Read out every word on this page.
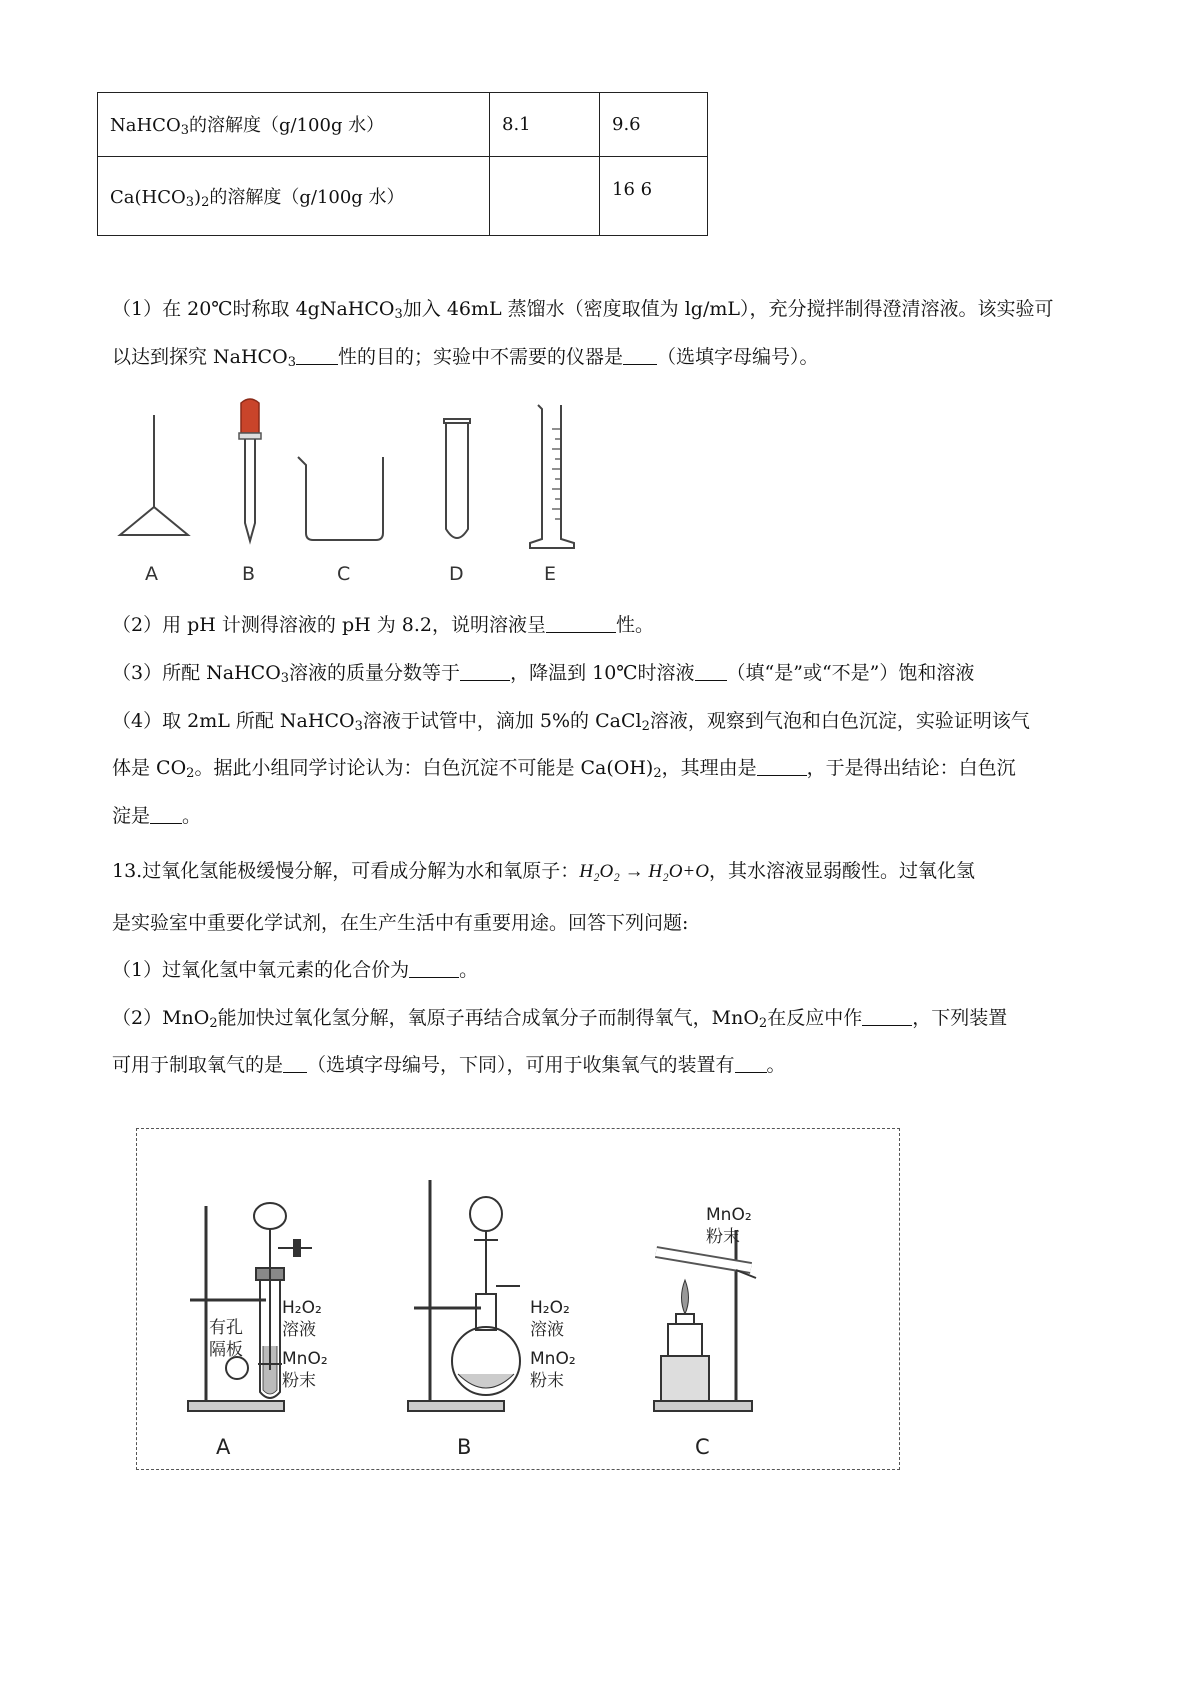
NaHCO$_3$的溶解度（g/100g 水）	8.1	9.6
$Ca(HCO_3)_2$的溶解度（g/100g 水）		16 6
（1）在 20℃时称取 4gNaHCO$_3$加入 46mL 蒸馏水（密度取值为 lg/mL），充分搅拌制得澄清溶液。该实验可
以达到探究 NaHCO$_3$ 性的目的；实验中不需要的仪器是 （选填字母编号）。
A	B	C	D	E
（2）用 pH 计测得溶液的 pH 为 8.2，说明溶液呈	性。
（3）所配 NaHCO$_3$溶液的质量分数等于	，降温到 10℃时溶液 （填“是”或“不是”）饱和溶液
（4）取 2mL 所配 NaHCO$_3$溶液于试管中，滴加 5%的 CaCl$_2$溶液，观察到气泡和白色沉淀，实验证明该气
体是 $CO_2$。据此小组同学讨论认为：白色沉淀不可能是 $Ca(OH)_2$，其理由是	，于是得出结论：白色沉
淀是 。
13.过氧化氢能极缓慢分解，可看成分解为水和氧原子：H₂O₂ → H₂O+O，其水溶液显弱酸性。过氧化氢
是实验室中重要化学试剂，在生产生活中有重要用途。回答下列问题:
（1）过氧化氢中氧元素的化合价为	。
（2）MnO$_2$能加快过氧化氢分解，氧原子再结合成氧分子而制得氧气，MnO$_2$在反应中作	，下列装置
可用于制取氧气的是 （选填字母编号，下同），可用于收集氧气的装置有 。
H₂O₂
溶液
有孔
隔板 MnO₂
粉末
A
H₂O₂
溶液
MnO₂
粉末
B
MnO₂
粉末
C
